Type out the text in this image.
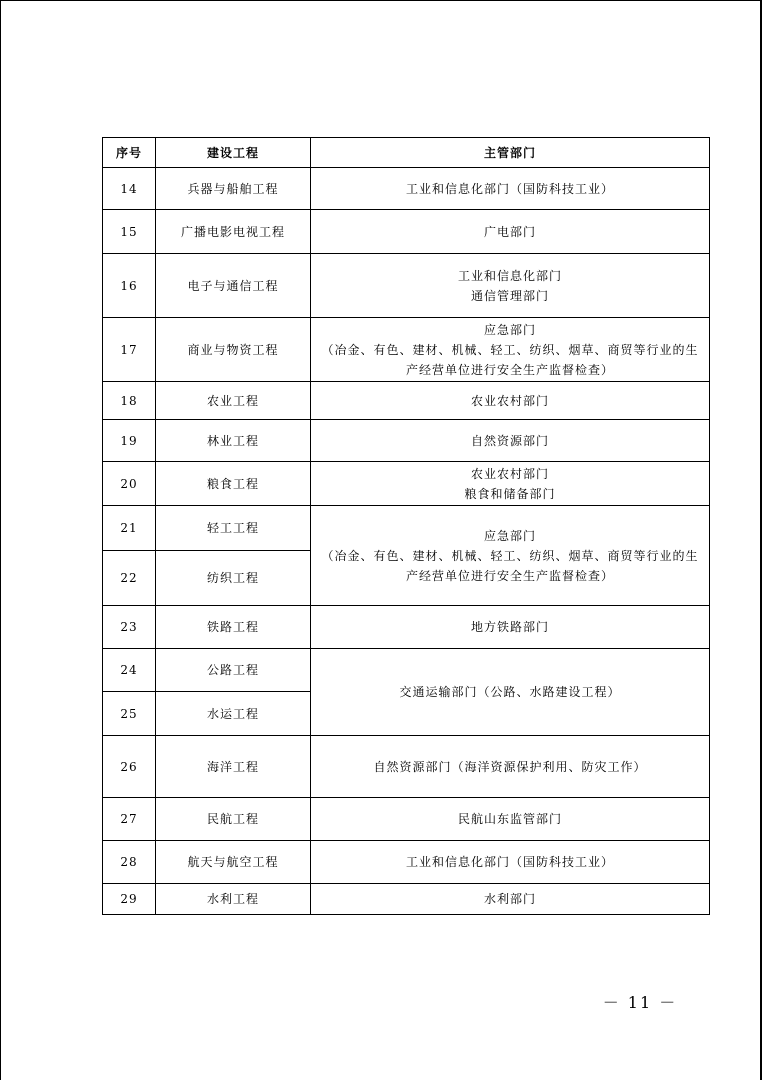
序号	建设工程	主管部门
14	兵器与船舶工程	工业和信息化部门（国防科技工业）

15	广播电影电视工程	广电部门

16	电子与通信工程	工业和信息化部门
通信管理部门

17	商业与物资工程	应急部门
（冶金、有色、建材、机械、轻工、纺织、烟草、商贸等行业的生
产经营单位进行安全生产监督检查）

18	农业工程	农业农村部门

19	林业工程	自然资源部门

20	粮食工程	农业农村部门
粮食和储备部门

21	轻工工程	应急部门
（冶金、有色、建材、机械、轻工、纺织、烟草、商贸等行业的生
产经营单位进行安全生产监督检查）

22	纺织工程	
23	铁路工程	地方铁路部门

24	公路工程	交通运输部门（公路、水路建设工程）

25	水运工程	
26	海洋工程	自然资源部门（海洋资源保护利用、防灾工作）

27	民航工程	民航山东监管部门

28	航天与航空工程	工业和信息化部门（国防科技工业）

29	水利工程	水利部门
－ 11 －
